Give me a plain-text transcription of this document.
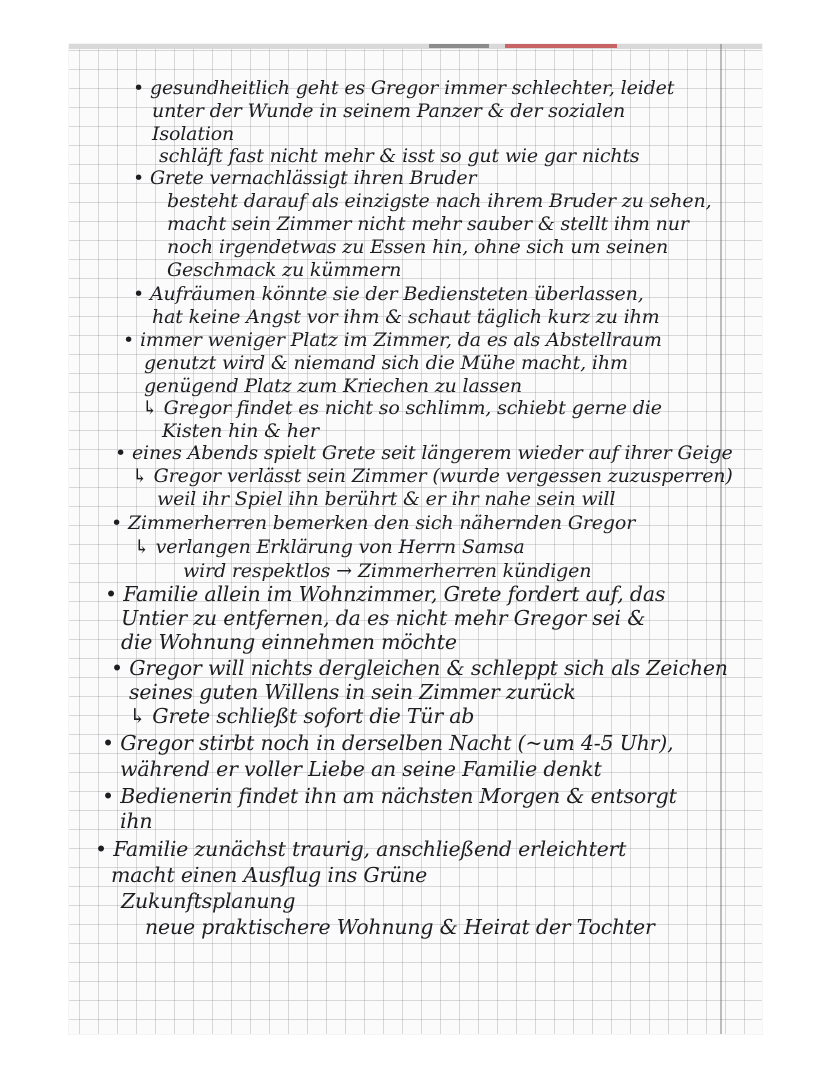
• gesundheitlich geht es Gregor immer schlechter, leidet
unter der Wunde in seinem Panzer & der sozialen
Isolation
schläft fast nicht mehr & isst so gut wie gar nichts
• Grete vernachlässigt ihren Bruder
besteht darauf als einzigste nach ihrem Bruder zu sehen,
macht sein Zimmer nicht mehr sauber & stellt ihm nur
noch irgendetwas zu Essen hin, ohne sich um seinen
Geschmack zu kümmern
• Aufräumen könnte sie der Bediensteten überlassen,
hat keine Angst vor ihm & schaut täglich kurz zu ihm
• immer weniger Platz im Zimmer, da es als Abstellraum
genutzt wird & niemand sich die Mühe macht, ihm
genügend Platz zum Kriechen zu lassen
↳ Gregor findet es nicht so schlimm, schiebt gerne die
Kisten hin & her
• eines Abends spielt Grete seit längerem wieder auf ihrer Geige
↳ Gregor verlässt sein Zimmer (wurde vergessen zuzusperren)
weil ihr Spiel ihn berührt & er ihr nahe sein will
• Zimmerherren bemerken den sich nähernden Gregor
↳ verlangen Erklärung von Herrn Samsa
wird respektlos → Zimmerherren kündigen
• Familie allein im Wohnzimmer, Grete fordert auf, das
Untier zu entfernen, da es nicht mehr Gregor sei &
die Wohnung einnehmen möchte
• Gregor will nichts dergleichen & schleppt sich als Zeichen
seines guten Willens in sein Zimmer zurück
↳ Grete schließt sofort die Tür ab
• Gregor stirbt noch in derselben Nacht (~um 4-5 Uhr),
während er voller Liebe an seine Familie denkt
• Bedienerin findet ihn am nächsten Morgen & entsorgt
ihn
• Familie zunächst traurig, anschließend erleichtert
macht einen Ausflug ins Grüne
Zukunftsplanung
neue praktischere Wohnung & Heirat der Tochter
